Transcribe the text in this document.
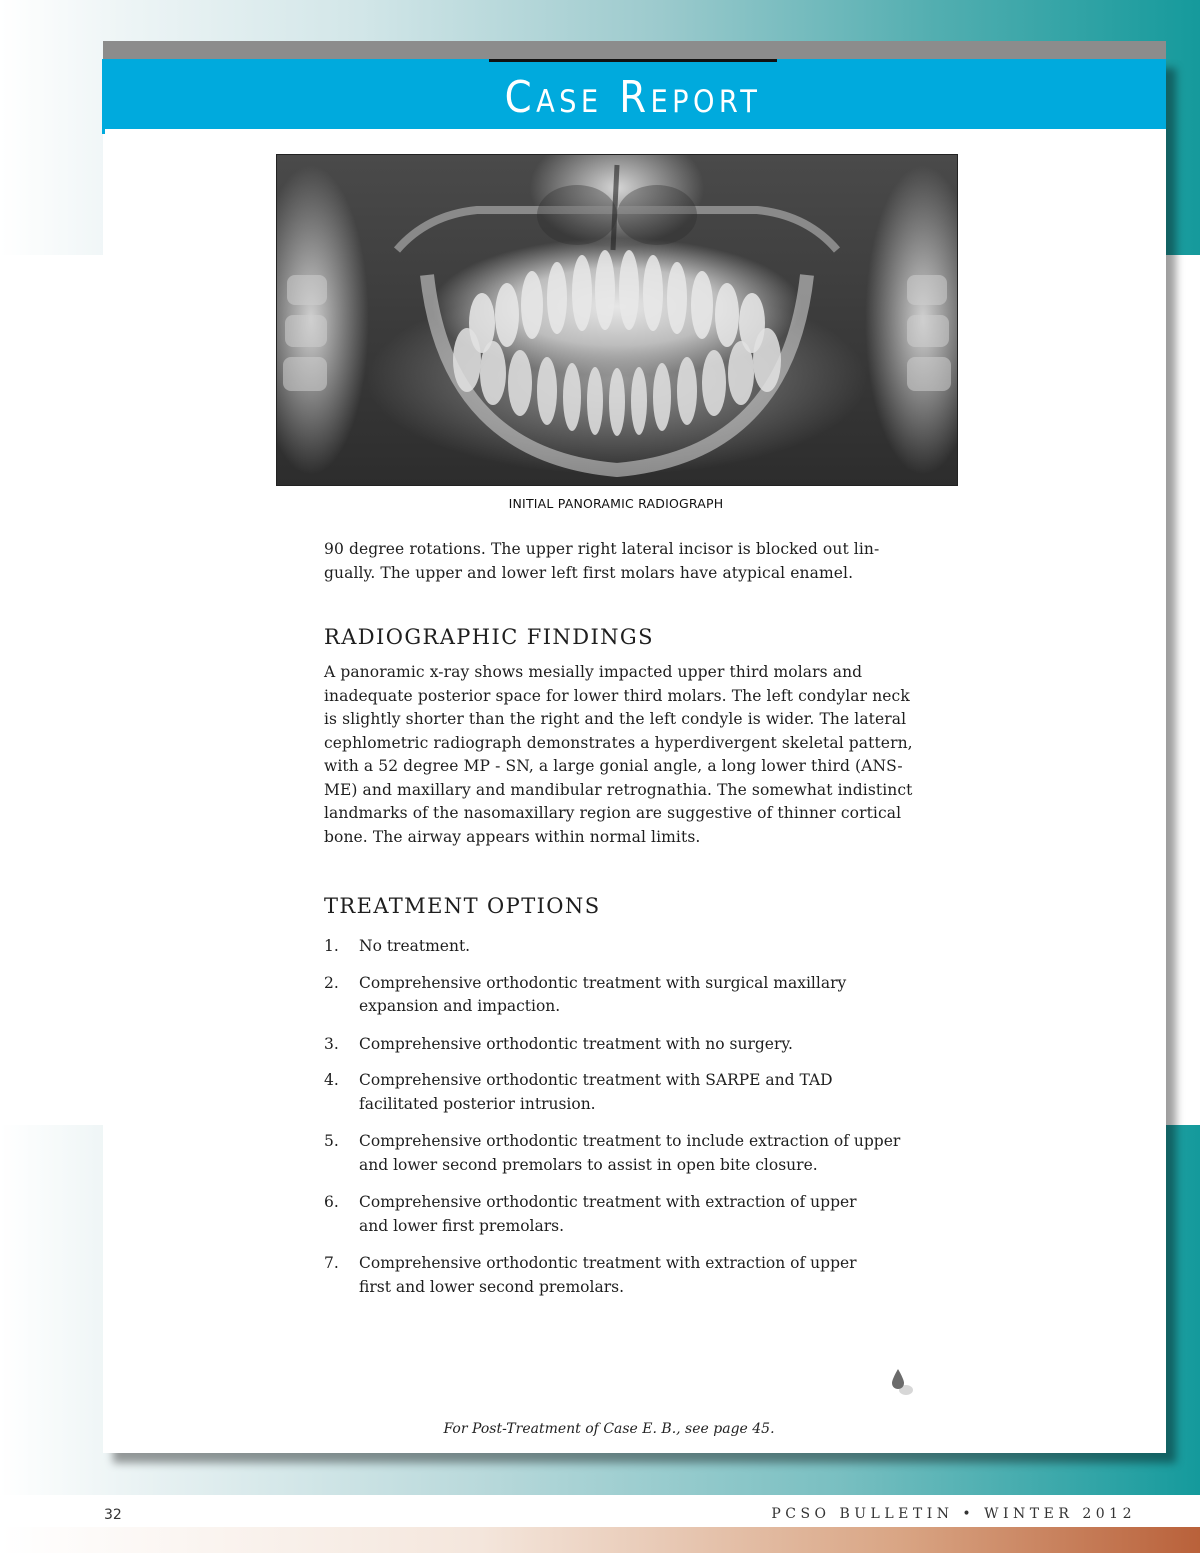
Case Report
INITIAL PANORAMIC RADIOGRAPH
90 degree rotations. The upper right lateral incisor is blocked out lin- gually. The upper and lower left first molars have atypical enamel.
RADIOGRAPHIC FINDINGS
A panoramic x-ray shows mesially impacted upper third molars and inadequate posterior space for lower third molars. The left condylar neck is slightly shorter than the right and the left condyle is wider. The lateral cephlometric radiograph demonstrates a hyperdivergent skeletal pattern, with a 52 degree MP - SN, a large gonial angle, a long lower third (ANS-ME) and maxillary and mandibular retrognathia. The somewhat indistinct landmarks of the nasomaxillary region are suggestive of thinner cortical bone. The airway appears within normal limits.
TREATMENT OPTIONS
1.	No treatment.
2.	Comprehensive orthodontic treatment with surgical maxillary expansion and impaction.
3.	Comprehensive orthodontic treatment with no surgery.
4.	Comprehensive orthodontic treatment with SARPE and TAD facilitated posterior intrusion.
5.	Comprehensive orthodontic treatment to include extraction of upper and lower second premolars to assist in open bite closure.
6.	Comprehensive orthodontic treatment with extraction of upper and lower first premolars.
7.	Comprehensive orthodontic treatment with extraction of upper first and lower second premolars.
For Post-Treatment of Case E. B., see page 45.
32	PCSO BULLETIN • WINTER 2012
